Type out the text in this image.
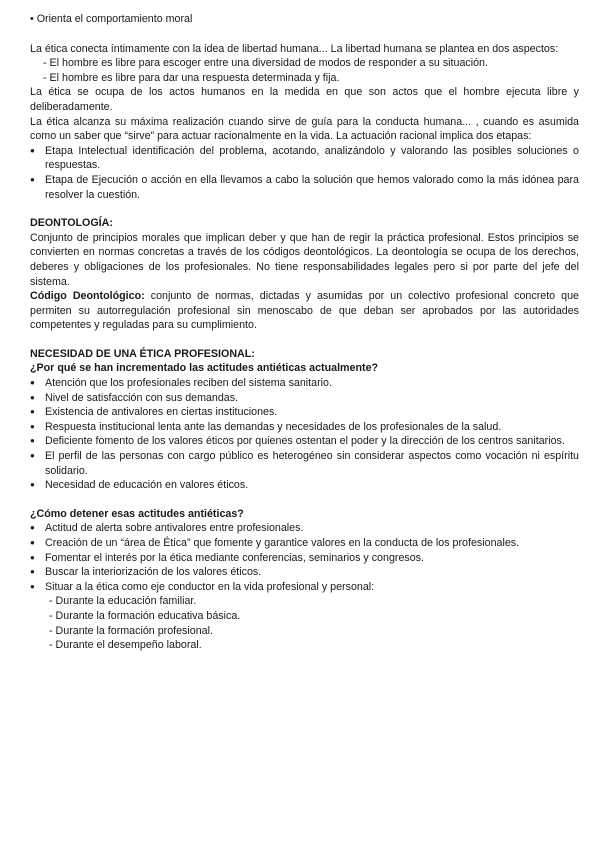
• Orienta el comportamiento moral

La ética conecta íntimamente con la idea de libertad humana... La libertad humana se plantea en dos aspectos:

- El hombre es libre para escoger entre una diversidad de modos de responder a su situación.

- El hombre es libre para dar una respuesta determinada y fija.

La ética se ocupa de los actos humanos en la medida en que son actos que el hombre ejecuta libre y deliberadamente.

La ética alcanza su máxima realización cuando sirve de guía para la conducta humana... , cuando es asumida como un saber que “sirve” para actuar racionalmente en la vida. La actuación racional implica dos etapas:

● Etapa Intelectual identificación del problema, acotando, analizándolo y valorando las posibles soluciones o respuestas.
● Etapa de Ejecución o acción en ella llevamos a cabo la solución que hemos valorado como la más idónea para resolver la cuestión.

DEONTOLOGÍA:

Conjunto de principios morales que implican deber y que han de regir la práctica profesional. Estos principios se convierten en normas concretas a través de los códigos deontológicos. La deontología se ocupa de los derechos, deberes y obligaciones de los profesionales. No tiene responsabilidades legales pero si por parte del jefe del sistema.

Código Deontológico: conjunto de normas, dictadas y asumidas por un colectivo profesional concreto que permiten su autorregulación profesional sin menoscabo de que deban ser aprobados por las autoridades competentes y reguladas para su cumplimiento.

NECESIDAD DE UNA ÉTICA PROFESIONAL:

¿Por qué se han incrementado las actitudes antiéticas actualmente?

● Atención que los profesionales reciben del sistema sanitario.
● Nivel de satisfacción con sus demandas.
● Existencia de antivalores en ciertas instituciones.
● Respuesta institucional lenta ante las demandas y necesidades de los profesionales de la salud.
● Deficiente fomento de los valores éticos por quienes ostentan el poder y la dirección de los centros sanitarios.
● El perfil de las personas con cargo público es heterogéneo sin considerar aspectos como vocación ni espíritu solidario.
● Necesidad de educación en valores éticos.

¿Cómo detener esas actitudes antiéticas?

● Actitud de alerta sobre antivalores entre profesionales.
● Creación de un “área de Ética” que fomente y garantice valores en la conducta de los profesionales.
● Fomentar el interés por la ética mediante conferencias, seminarios y congresos.
● Buscar la interiorización de los valores éticos.
● Situar a la ética como eje conductor en la vida profesional y personal:

- Durante la educación familiar.

- Durante la formación educativa básica.

- Durante la formación profesional.

- Durante el desempeño laboral.
